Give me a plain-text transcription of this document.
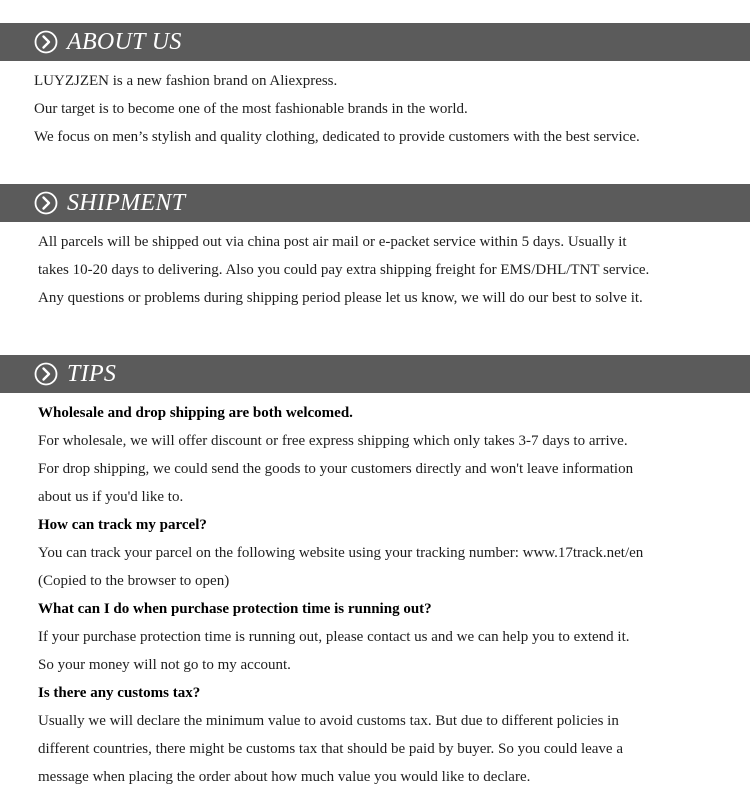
ABOUT US
LUYZJZEN is a new fashion brand on Aliexpress.
Our target is to become one of the most fashionable brands in the world.
We focus on men’s stylish and quality clothing, dedicated to provide customers with the best service.
SHIPMENT
All parcels will be shipped out via china post air mail or e-packet service within 5 days. Usually it
takes 10-20 days to delivering. Also you could pay extra shipping freight for EMS/DHL/TNT service.
Any questions or problems during shipping period please let us know, we will do our best to solve it.
TIPS
Wholesale and drop shipping are both welcomed.
For wholesale, we will offer discount or free express shipping which only takes 3-7 days to arrive.
For drop shipping, we could send the goods to your customers directly and won't leave information
about us if you'd like to.
How can track my parcel?
You can track your parcel on the following website using your tracking number: www.17track.net/en
(Copied to the browser to open)
What can I do when purchase protection time is running out?
If your purchase protection time is running out, please contact us and we can help you to extend it.
So your money will not go to my account.
Is there any customs tax?
Usually we will declare the minimum value to avoid customs tax. But due to different policies in
different countries, there might be customs tax that should be paid by buyer. So you could leave a
message when placing the order about how much value you would like to declare.
